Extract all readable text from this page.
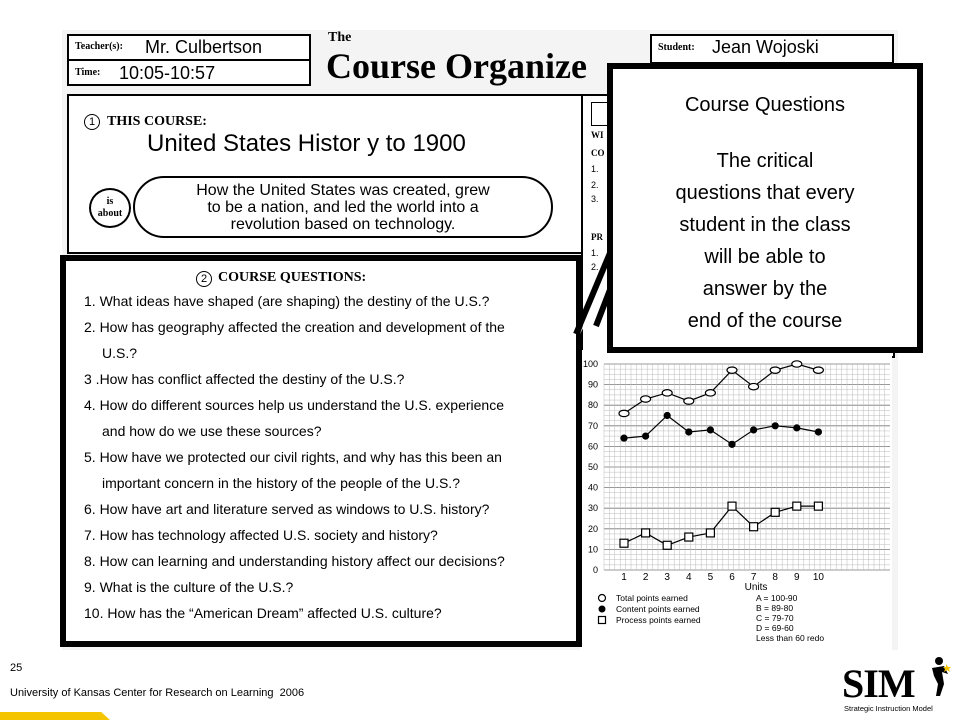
Teacher(s): Mr. Culbertson
Time: 10:05-10:57
The
Course Organize	Student: Jean Wojoski
1 THIS COURSE:
United States Histor y to 1900
is
about
How the United States was created, grew
to be a nation, and led the world into a
revolution based on technology.
WI
CO
1.
2.
3.
PR
1.
2.
0
10
20
30
40
50
60
70
80
90
100
1 2 3 4 5 6 7 8 9 10
Units
Total points earned
Content points earned
Process points earned
A = 100-90
B = 89-80
C = 79-70
D = 69-60
Less than 60 redo
2 COURSE QUESTIONS:
1. What ideas have shaped (are shaping) the destiny of the U.S.?
2. How has geography affected the creation and development of the
U.S.?
3 .How has conflict affected the destiny of the U.S.?
4. How do different sources help us understand the U.S. experience
and how do we use these sources?
5. How have we protected our civil rights, and why has this been an
important concern in the history of the people of the U.S.?
6. How have art and literature served as windows to U.S. history?
7. How has technology affected U.S. society and history?
8. How can learning and understanding history affect our decisions?
9. What is the culture of the U.S.?
10. How has the “American Dream” affected U.S. culture?
Course Questions
The critical
questions that every
student in the class
will be able to
answer by the
end of the course
25
University of Kansas Center for Research on Learning  2006	SIM
Strategic Instruction Model
